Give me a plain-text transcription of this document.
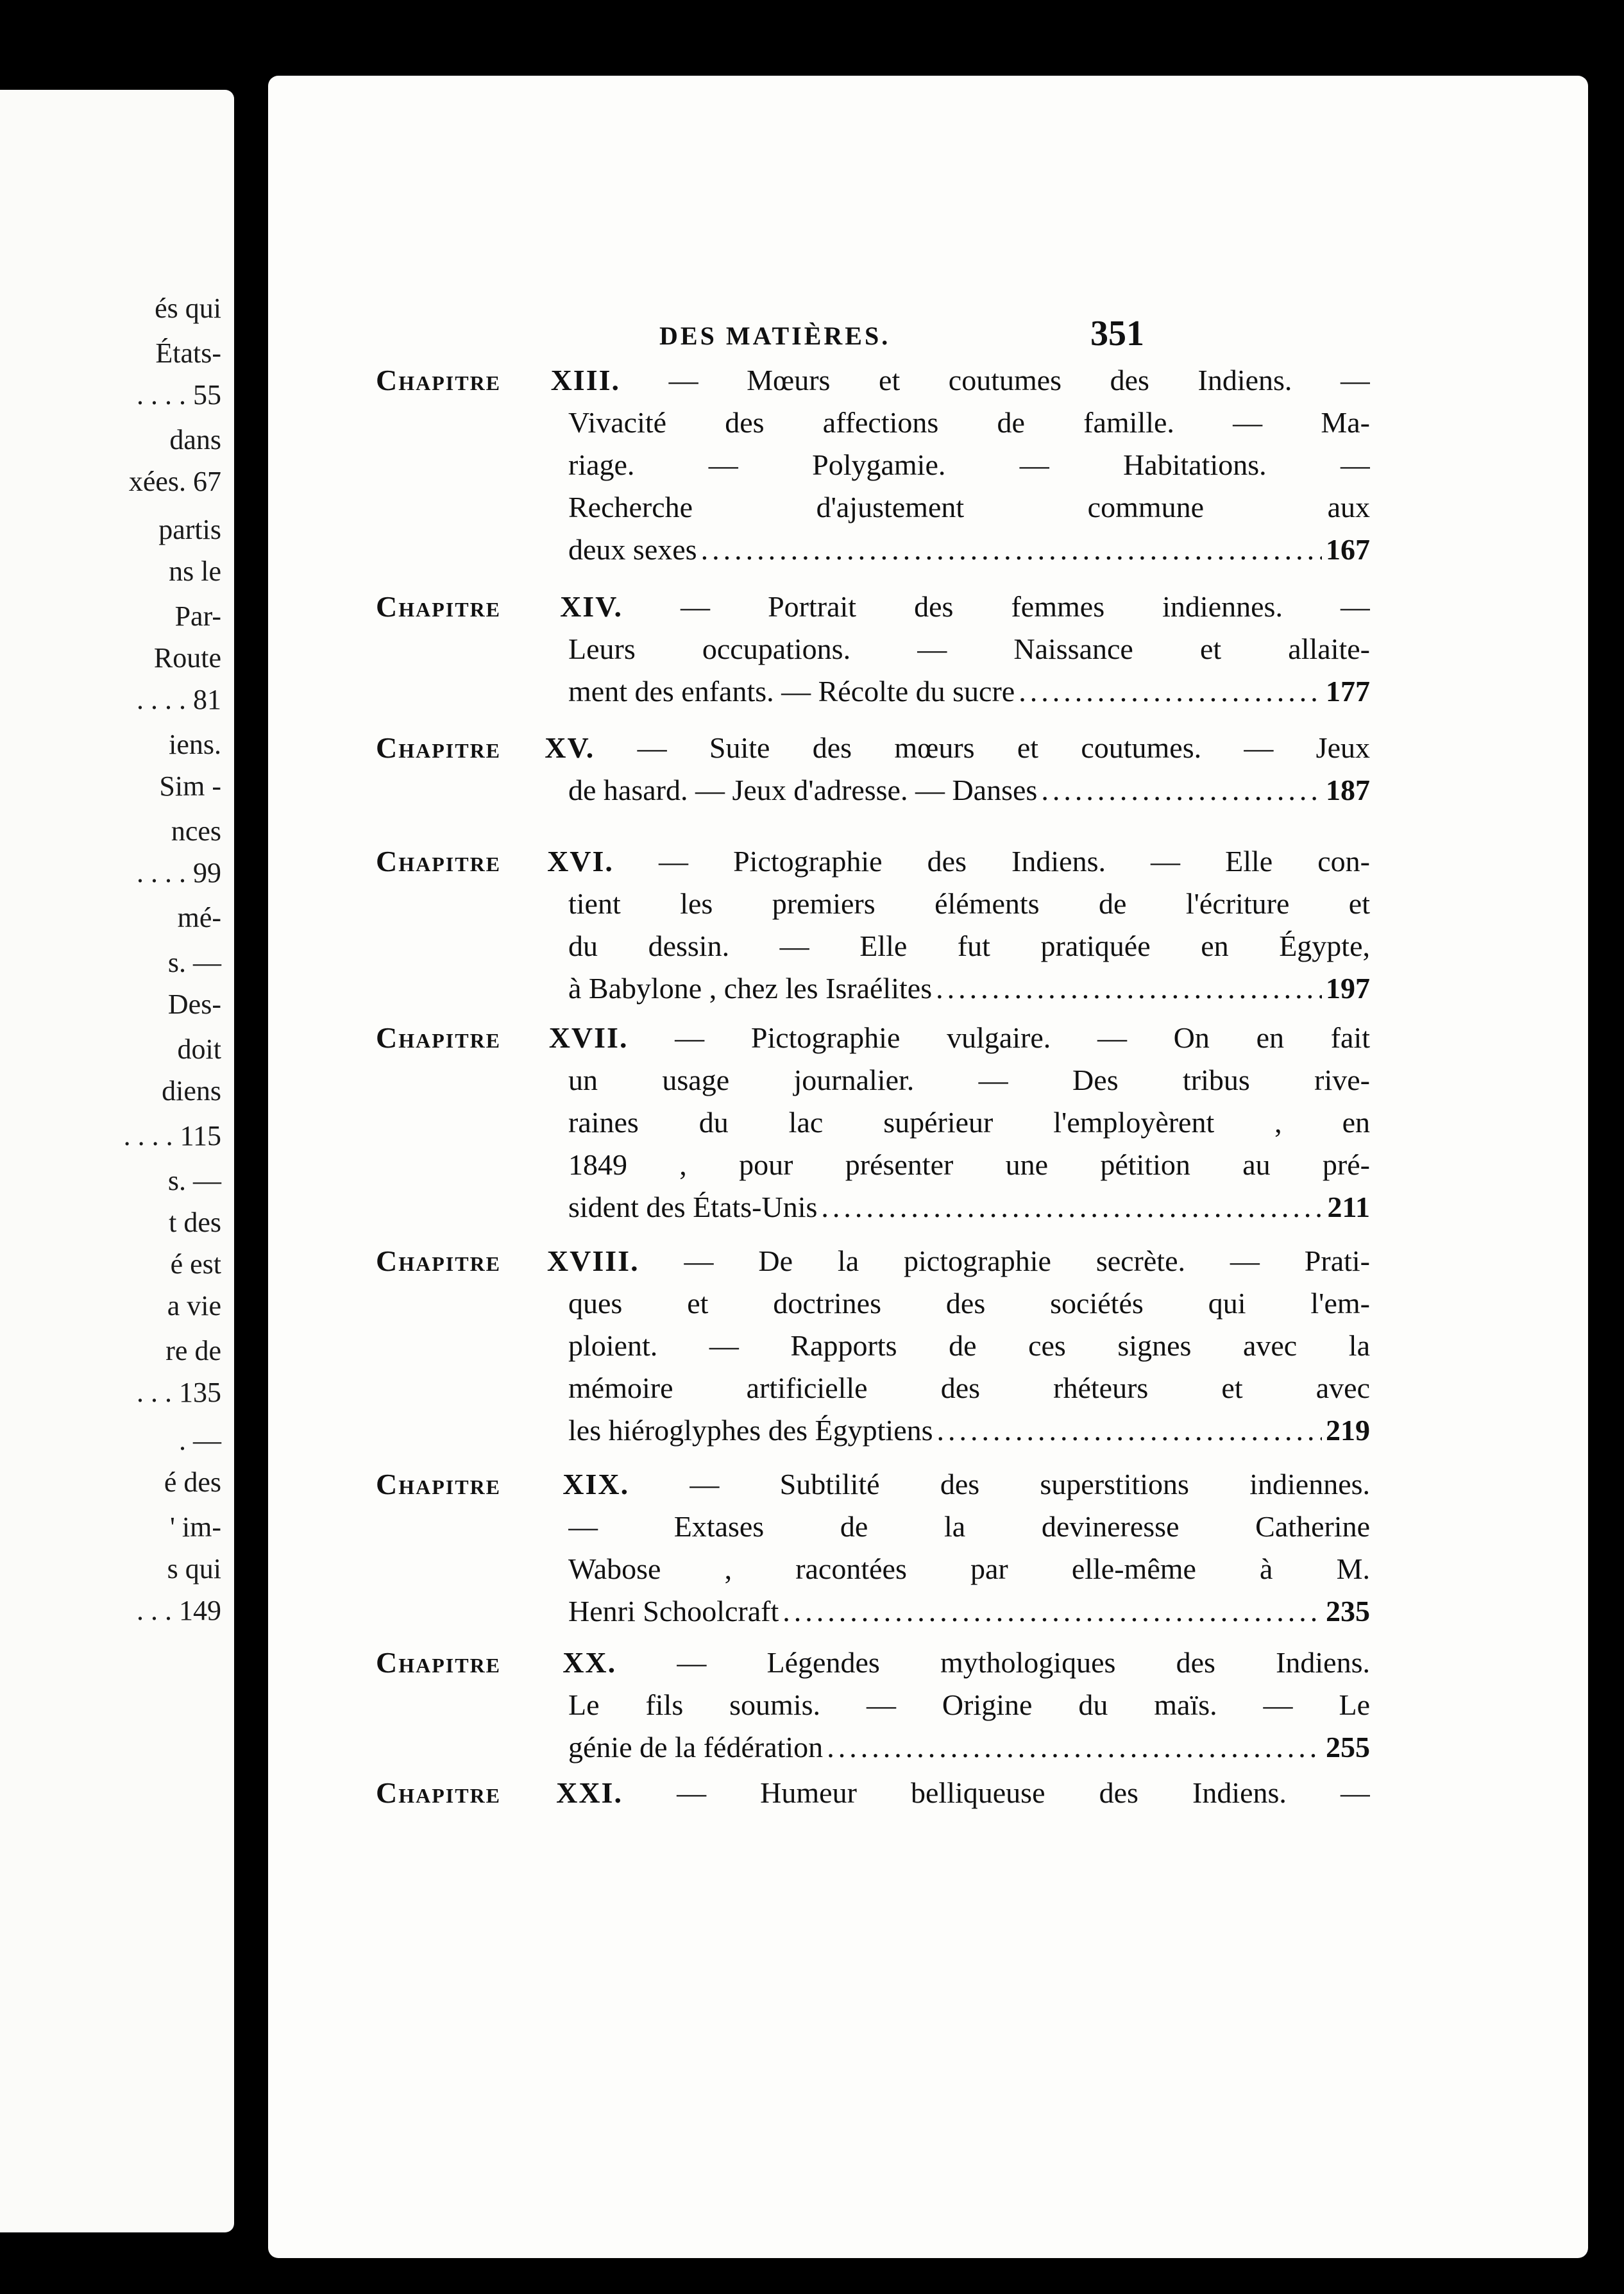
és qui
États-
. . . . 55
dans
xées. 67
partis
ns le
Par-
Route
. . . . 81
iens.
Sim -
nces
. . . . 99
mé-
s. —
Des-
doit
diens
. . . . 115
s. —
t des
é est
a vie
re de
. . . 135
. —
é des
' im-
s qui
. . . 149
DES MATIÈRES.	351
Chapitre XIII. — Mœurs et coutumes des Indiens. —
Vivacité des affections de famille. — Ma-
riage. — Polygamie. — Habitations. —
Recherche d'ajustement commune aux
deux sexes .....	167
Chapitre XIV. — Portrait des femmes indiennes. —
Leurs occupations. — Naissance et allaite-
ment des enfants. — Récolte du sucre .....	177
Chapitre XV. — Suite des mœurs et coutumes. — Jeux
de hasard. — Jeux d'adresse. — Danses .....	187
Chapitre XVI. — Pictographie des Indiens. — Elle con-
tient les premiers éléments de l'écriture et
du dessin. — Elle fut pratiquée en Égypte,
à Babylone , chez les Israélites .....	197
Chapitre XVII. — Pictographie vulgaire. — On en fait
un usage journalier. — Des tribus rive-
raines du lac supérieur l'employèrent , en
1849 , pour présenter une pétition au pré-
sident des États-Unis .....	211
Chapitre XVIII. — De la pictographie secrète. — Prati-
ques et doctrines des sociétés qui l'em-
ploient. — Rapports de ces signes avec la
mémoire artificielle des rhéteurs et avec
les hiéroglyphes des Égyptiens .....	219
Chapitre XIX. — Subtilité des superstitions indiennes.
— Extases de la devineresse Catherine
Wabose , racontées par elle-même à M.
Henri Schoolcraft .....	235
Chapitre XX. — Légendes mythologiques des Indiens.
Le fils soumis. — Origine du maïs. — Le
génie de la fédération .....	255
Chapitre XXI. — Humeur belliqueuse des Indiens. —
